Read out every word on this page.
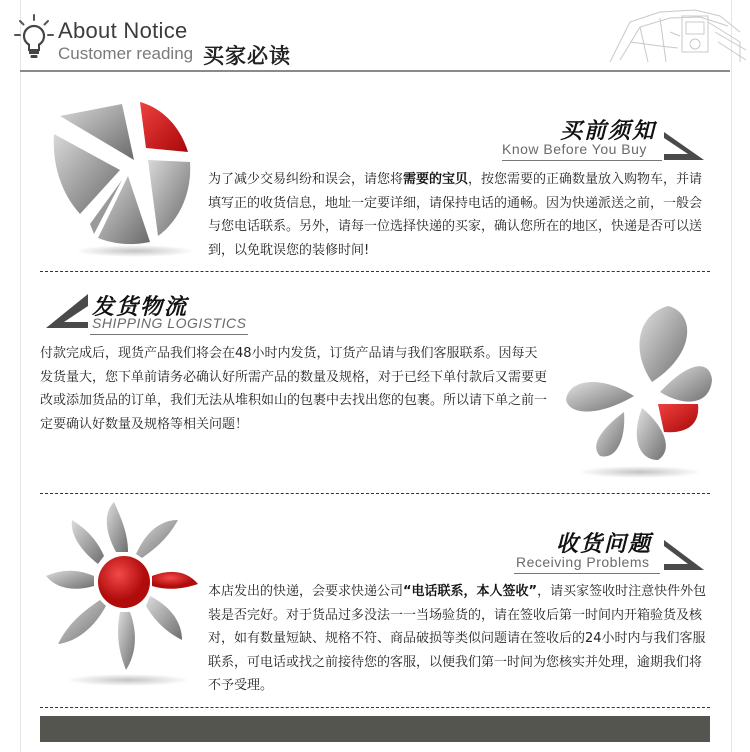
About Notice
Customer reading 买家必读
买前须知
Know Before You Buy
为了减少交易纠纷和误会，请您将需要的宝贝，按您需要的正确数量放入购物车，并请填写正的收货信息，地址一定要详细，请保持电话的通畅。因为快递派送之前，一般会与您电话联系。另外，请每一位选择快递的买家，确认您所在的地区，快递是否可以送到，以免耽误您的装修时间!
发货物流
SHIPPING LOGISTICS
付款完成后，现货产品我们将会在48小时内发货，订货产品请与我们客服联系。因每天发货量大，您下单前请务必确认好所需产品的数量及规格，对于已经下单付款后又需要更改或添加货品的订单，我们无法从堆积如山的包裹中去找出您的包裹。所以请下单之前一定要确认好数量及规格等相关问题！
收货问题
Receiving Problems
本店发出的快递，会要求快递公司“电话联系，本人签收”，请买家签收时注意快件外包装是否完好。对于货品过多没法一一当场验货的，请在签收后第一时间内开箱验货及核对，如有数量短缺、规格不符、商品破损等类似问题请在签收后的24小时内与我们客服联系，可电话或找之前接待您的客服，以便我们第一时间为您核实并处理，逾期我们将不予受理。
